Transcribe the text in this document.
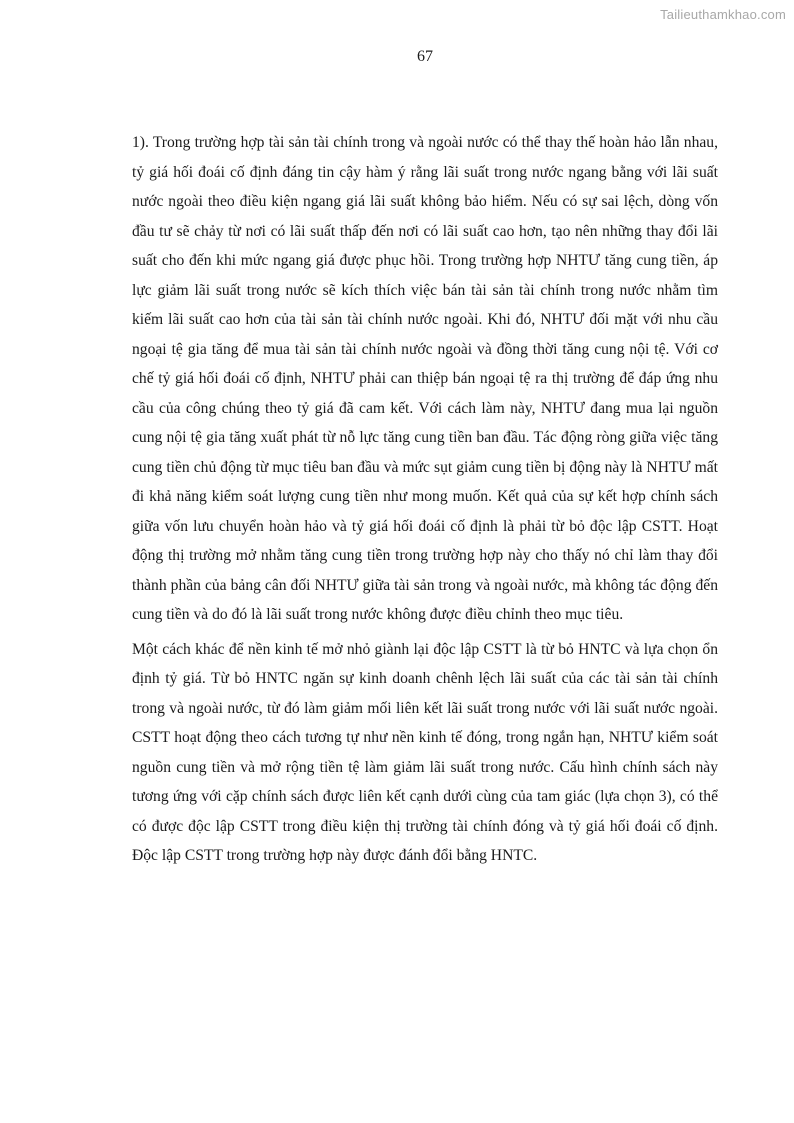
Tailieuthamkhao.com
67

1). Trong trường hợp tài sản tài chính trong và ngoài nước có thể thay thế hoàn hảo lẫn nhau, tỷ giá hối đoái cố định đáng tin cậy hàm ý rằng lãi suất trong nước ngang bằng với lãi suất nước ngoài theo điều kiện ngang giá lãi suất không bảo hiểm. Nếu có sự sai lệch, dòng vốn đầu tư sẽ chảy từ nơi có lãi suất thấp đến nơi có lãi suất cao hơn, tạo nên những thay đổi lãi suất cho đến khi mức ngang giá được phục hồi. Trong trường hợp NHTƯ tăng cung tiền, áp lực giảm lãi suất trong nước sẽ kích thích việc bán tài sản tài chính trong nước nhằm tìm kiếm lãi suất cao hơn của tài sản tài chính nước ngoài. Khi đó, NHTƯ đối mặt với nhu cầu ngoại tệ gia tăng để mua tài sản tài chính nước ngoài và đồng thời tăng cung nội tệ. Với cơ chế tỷ giá hối đoái cố định, NHTƯ phải can thiệp bán ngoại tệ ra thị trường để đáp ứng nhu cầu của công chúng theo tỷ giá đã cam kết. Với cách làm này, NHTƯ đang mua lại nguồn cung nội tệ gia tăng xuất phát từ nỗ lực tăng cung tiền ban đầu. Tác động ròng giữa việc tăng cung tiền chủ động từ mục tiêu ban đầu và mức sụt giảm cung tiền bị động này là NHTƯ mất đi khả năng kiểm soát lượng cung tiền như mong muốn. Kết quả của sự kết hợp chính sách giữa vốn lưu chuyển hoàn hảo và tỷ giá hối đoái cố định là phải từ bỏ độc lập CSTT. Hoạt động thị trường mở nhằm tăng cung tiền trong trường hợp này cho thấy nó chỉ làm thay đổi thành phần của bảng cân đối NHTƯ giữa tài sản trong và ngoài nước, mà không tác động đến cung tiền và do đó là lãi suất trong nước không được điều chỉnh theo mục tiêu.

Một cách khác để nền kinh tế mở nhỏ giành lại độc lập CSTT là từ bỏ HNTC và lựa chọn ổn định tỷ giá. Từ bỏ HNTC ngăn sự kinh doanh chênh lệch lãi suất của các tài sản tài chính trong và ngoài nước, từ đó làm giảm mối liên kết lãi suất trong nước với lãi suất nước ngoài. CSTT hoạt động theo cách tương tự như nền kinh tế đóng, trong ngắn hạn, NHTƯ kiểm soát nguồn cung tiền và mở rộng tiền tệ làm giảm lãi suất trong nước. Cấu hình chính sách này tương ứng với cặp chính sách được liên kết cạnh dưới cùng của tam giác (lựa chọn 3), có thể có được độc lập CSTT trong điều kiện thị trường tài chính đóng và tỷ giá hối đoái cố định. Độc lập CSTT trong trường hợp này được đánh đổi bằng HNTC.
